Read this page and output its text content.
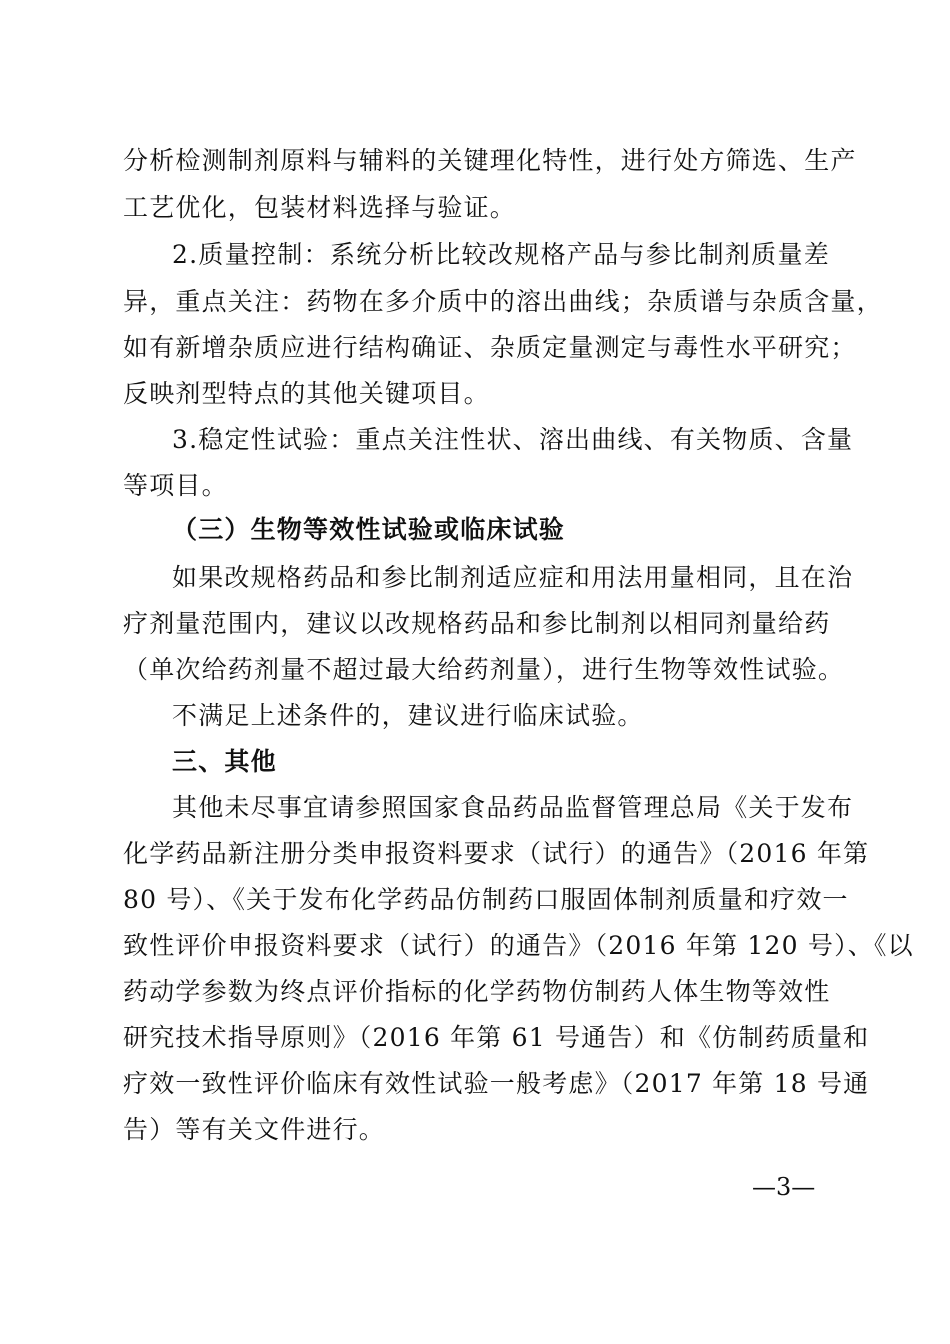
分析检测制剂原料与辅料的关键理化特性，进行处方筛选、生产
工艺优化，包装材料选择与验证。
2.质量控制：系统分析比较改规格产品与参比制剂质量差
异，重点关注：药物在多介质中的溶出曲线；杂质谱与杂质含量，
如有新增杂质应进行结构确证、杂质定量测定与毒性水平研究；
反映剂型特点的其他关键项目。
3.稳定性试验：重点关注性状、溶出曲线、有关物质、含量
等项目。
（三）生物等效性试验或临床试验
如果改规格药品和参比制剂适应症和用法用量相同，且在治
疗剂量范围内，建议以改规格药品和参比制剂以相同剂量给药
（单次给药剂量不超过最大给药剂量），进行生物等效性试验。
不满足上述条件的，建议进行临床试验。
三、其他
其他未尽事宜请参照国家食品药品监督管理总局《关于发布
化学药品新注册分类申报资料要求（试行）的通告》（2016 年第
80 号）、《关于发布化学药品仿制药口服固体制剂质量和疗效一
致性评价申报资料要求（试行）的通告》（2016 年第 120 号）、《以
药动学参数为终点评价指标的化学药物仿制药人体生物等效性
研究技术指导原则》（2016 年第 61 号通告）和《仿制药质量和
疗效一致性评价临床有效性试验一般考虑》（2017 年第 18 号通
告）等有关文件进行。
—3—
